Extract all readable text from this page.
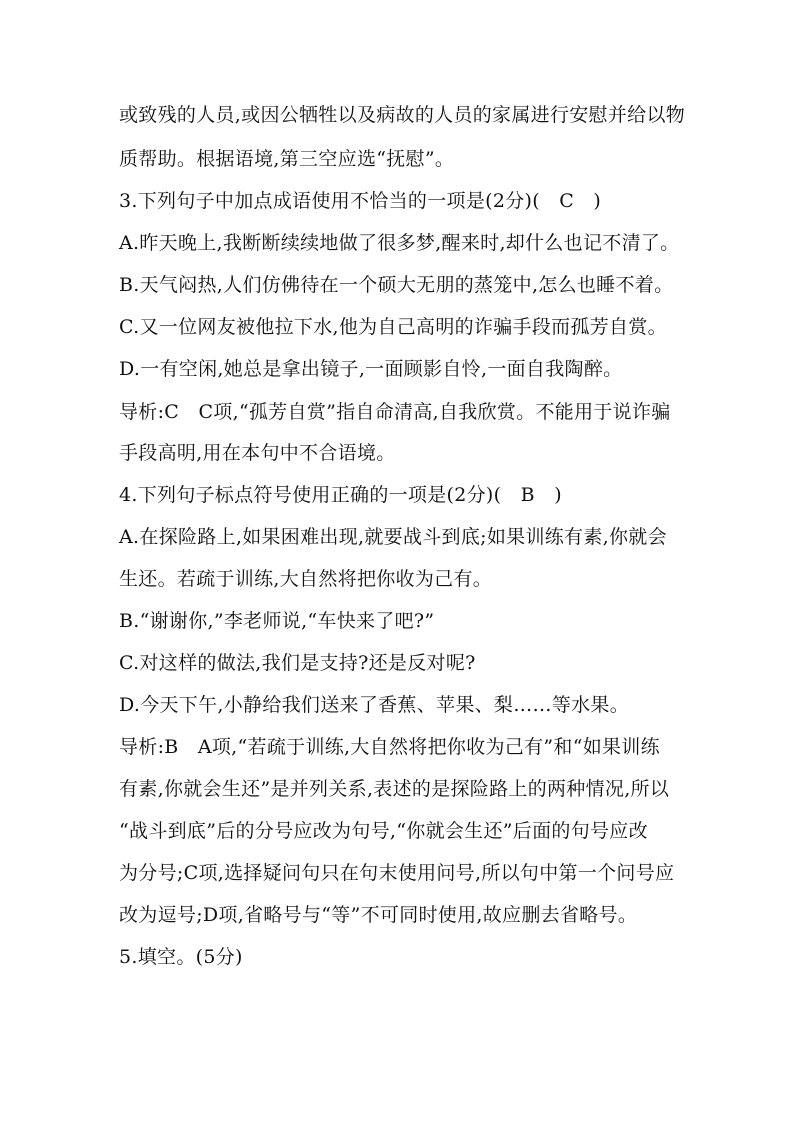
或致残的人员,或因公牺牲以及病故的人员的家属进行安慰并给以物
质帮助。根据语境,第三空应选“抚慰”。
3.下列句子中加点成语使用不恰当的一项是(2分)(　C　)
A.昨天晚上,我断断续续地做了很多梦,醒来时,却什么也记不清了。
B.天气闷热,人们仿佛待在一个硕大无朋的蒸笼中,怎么也睡不着。
C.又一位网友被他拉下水,他为自己高明的诈骗手段而孤芳自赏。
D.一有空闲,她总是拿出镜子,一面顾影自怜,一面自我陶醉。
导析:C　C项,“孤芳自赏”指自命清高,自我欣赏。不能用于说诈骗
手段高明,用在本句中不合语境。
4.下列句子标点符号使用正确的一项是(2分)(　B　)
A.在探险路上,如果困难出现,就要战斗到底;如果训练有素,你就会
生还。若疏于训练,大自然将把你收为己有。
B.“谢谢你,”李老师说,“车快来了吧?”
C.对这样的做法,我们是支持?还是反对呢?
D.今天下午,小静给我们送来了香蕉、苹果、梨……等水果。
导析:B　A项,“若疏于训练,大自然将把你收为己有”和“如果训练
有素,你就会生还”是并列关系,表述的是探险路上的两种情况,所以
“战斗到底”后的分号应改为句号,“你就会生还”后面的句号应改
为分号;C项,选择疑问句只在句末使用问号,所以句中第一个问号应
改为逗号;D项,省略号与“等”不可同时使用,故应删去省略号。
5.填空。(5分)
